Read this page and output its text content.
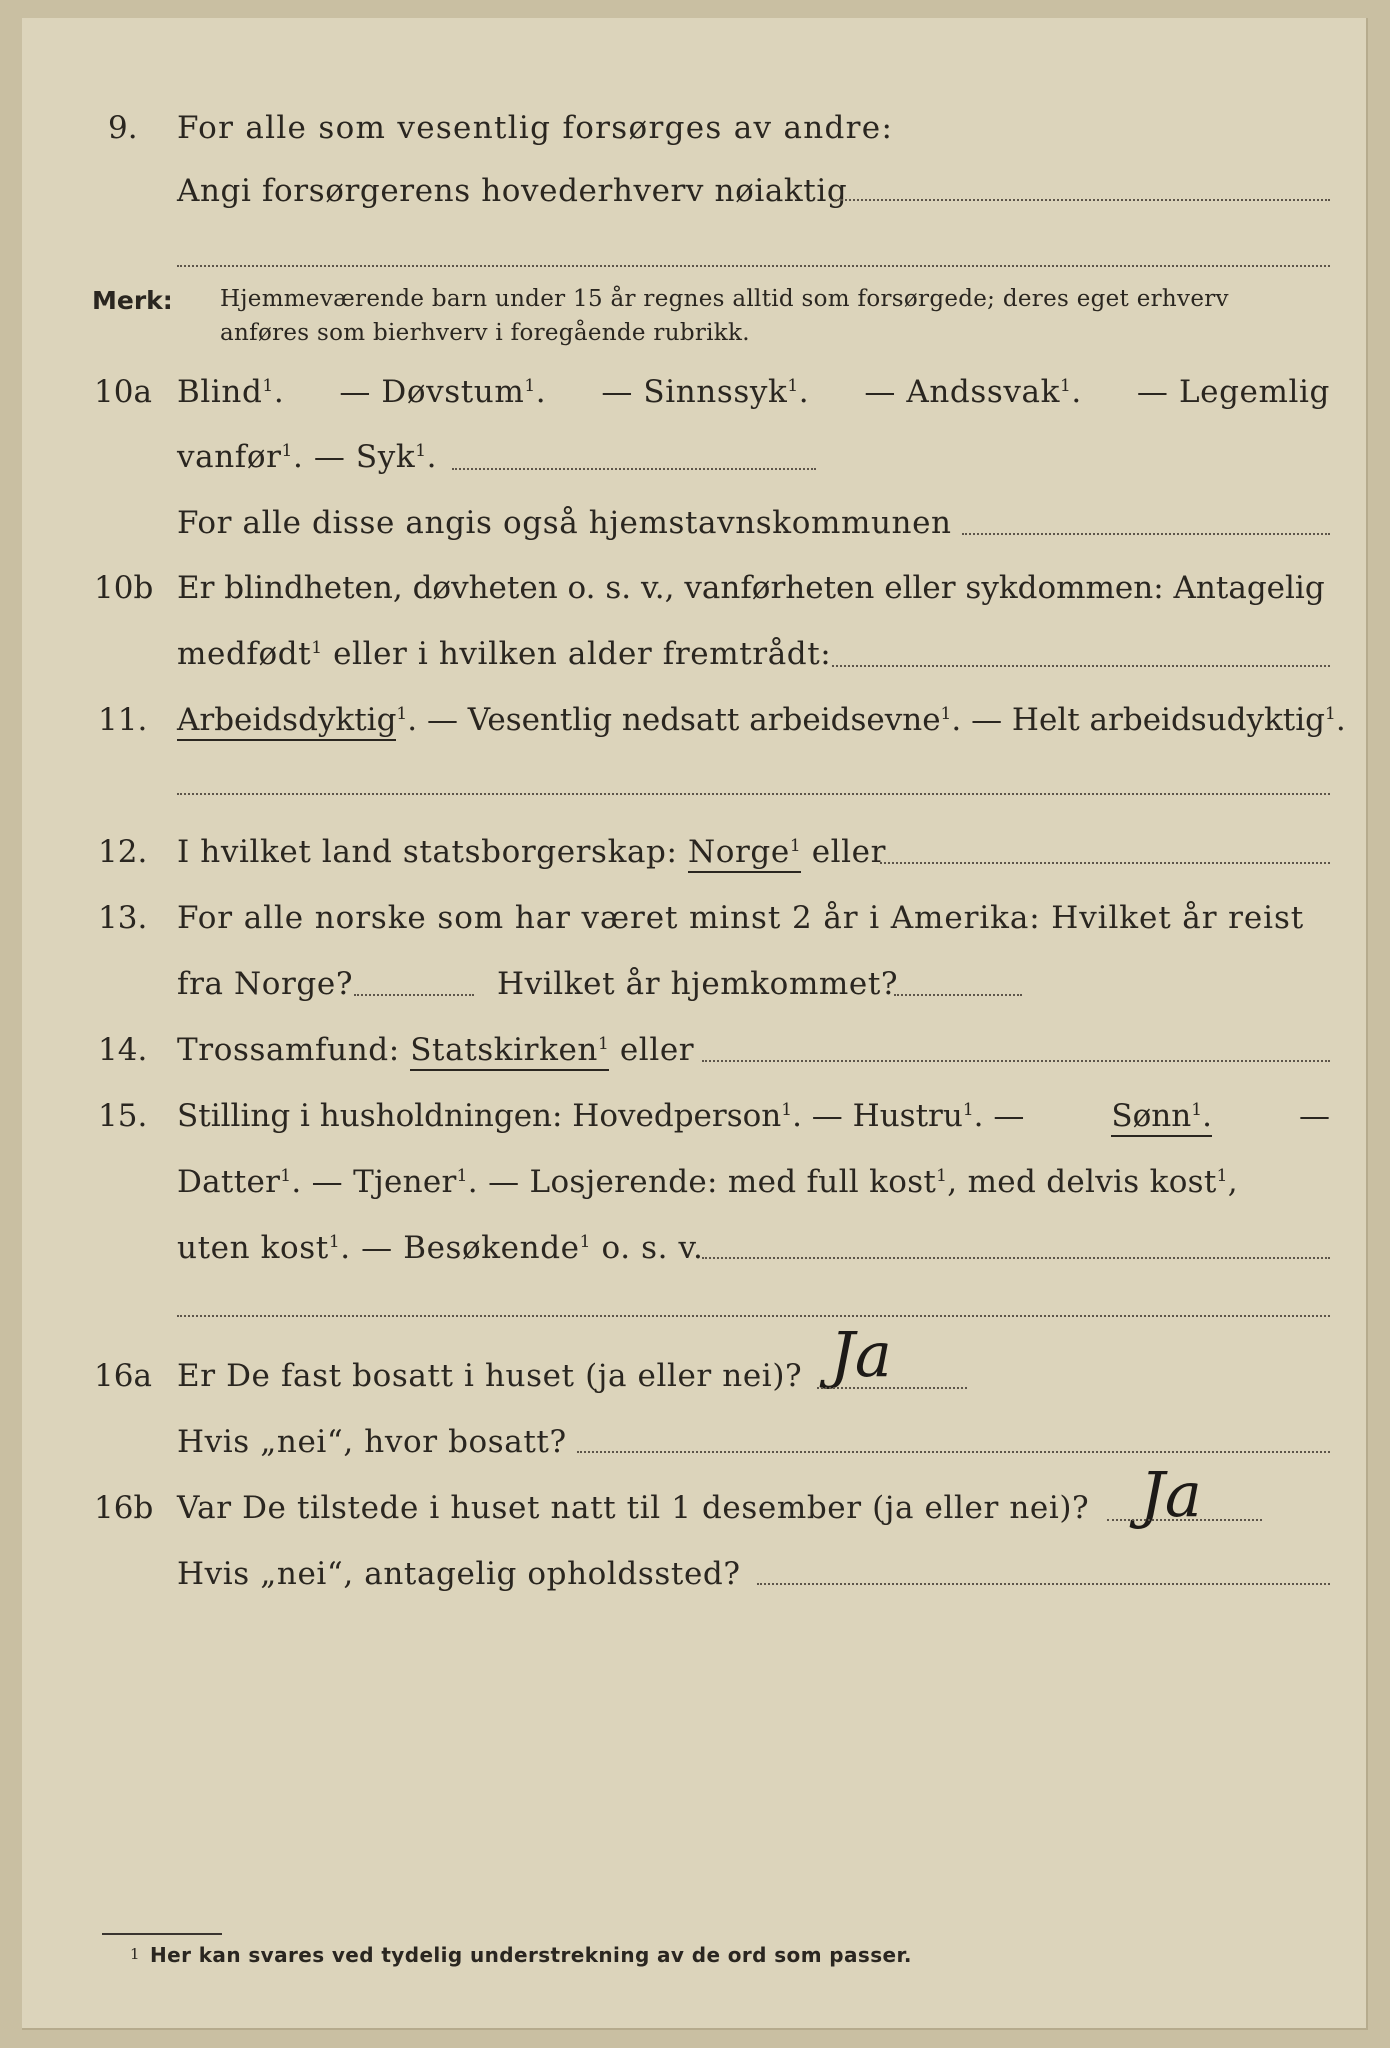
9. For alle som vesentlig forsørges av andre:
Angi forsørgerens hovederhverv nøiaktig
Merk: Hjemmeværende barn under 15 år regnes alltid som forsørgede; deres eget erhverv
anføres som bierhverv i foregående rubrikk.
10a Blind$^1$. — Døvstum$^1$. — Sinnssyk$^1$. — Andssvak$^1$. — Legemlig
vanfør$^1$. — Syk$^1$.
For alle disse angis også hjemstavnskommunen
10b Er blindheten, døvheten o. s. v., vanførheten eller sykdommen: Antagelig
medfødt$^1$ eller i hvilken alder fremtrådt:
11. Arbeidsdyktig$^1$. — Vesentlig nedsatt arbeidsevne$^1$. — Helt arbeidsudyktig$^1$.
12. I hvilket land statsborgerskap: Norge$^1$ eller
13. For alle norske som har været minst 2 år i Amerika: Hvilket år reist
fra Norge?	Hvilket år hjemkommet?
14. Trossamfund: Statskirken$^1$ eller
15. Stilling i husholdningen: Hovedperson$^1$. — Hustru$^1$. —	Sønn$^1$.	—
Datter$^1$. — Tjener$^1$. — Losjerende: med full kost$^1$, med delvis kost$^1$,
uten kost$^1$. — Besøkende$^1$ o. s. v.
16a Er De fast bosatt i huset (ja eller nei)? Ja
Hvis „nei“, hvor bosatt?
16b Var De tilstede i huset natt til 1 desember (ja eller nei)? Ja
Hvis „nei“, antagelig opholdssted?
1 Her kan svares ved tydelig understrekning av de ord som passer.
